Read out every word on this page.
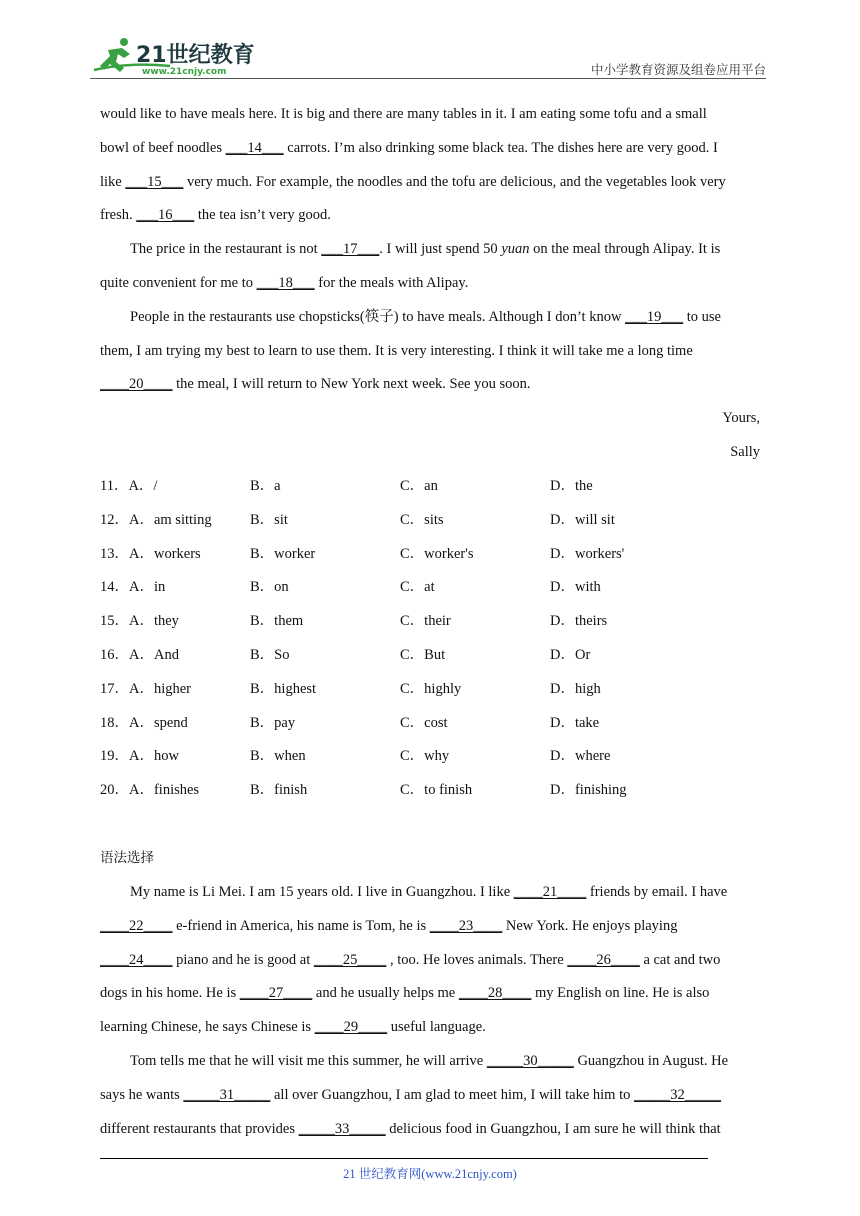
21世纪教育
www.21cnjy.com	中小学教育资源及组卷应用平台
would like to have meals here. It is big and there are many tables in it. I am eating some tofu and a small
bowl of beef noodles ___14___ carrots. I’m also drinking some black tea. The dishes here are very good. I
like ___15___ very much. For example, the noodles and the tofu are delicious, and the vegetables look very
fresh. ___16___ the tea isn’t very good.
The price in the restaurant is not ___17___. I will just spend 50 yuan on the meal through Alipay. It is
quite convenient for me to ___18___ for the meals with Alipay.
People in the restaurants use chopsticks(筷子) to have meals. Although I don’t know ___19___ to use
them, I am trying my best to learn to use them. It is very interesting. I think it will take me a long time
____20____ the meal, I will return to New York next week. See you soon.
Yours,
Sally
11．A．/	B．a	C．an	D．the
12．A．am sitting	B．sit	C．sits	D．will sit
13．A．workers	B．worker	C．worker's	D．workers'
14．A．in	B．on	C．at	D．with
15．A．they	B．them	C．their	D．theirs
16．A．And	B．So	C．But	D．Or
17．A．higher	B．highest	C．highly	D．high
18．A．spend	B．pay	C．cost	D．take
19．A．how	B．when	C．why	D．where
20．A．finishes	B．finish	C．to finish	D．finishing
语法选择
My name is Li Mei. I am 15 years old. I live in Guangzhou. I like ____21____ friends by email. I have
____22____ e-friend in America, his name is Tom, he is ____23____ New York. He enjoys playing
____24____ piano and he is good at ____25____ , too. He loves animals. There ____26____ a cat and two
dogs in his home. He is ____27____ and he usually helps me ____28____ my English on line. He is also
learning Chinese, he says Chinese is ____29____ useful language.
Tom tells me that he will visit me this summer, he will arrive _____30_____ Guangzhou in August. He
says he wants _____31_____ all over Guangzhou, I am glad to meet him, I will take him to _____32_____
different restaurants that provides _____33_____ delicious food in Guangzhou, I am sure he will think that
21 世纪教育网(www.21cnjy.com)
